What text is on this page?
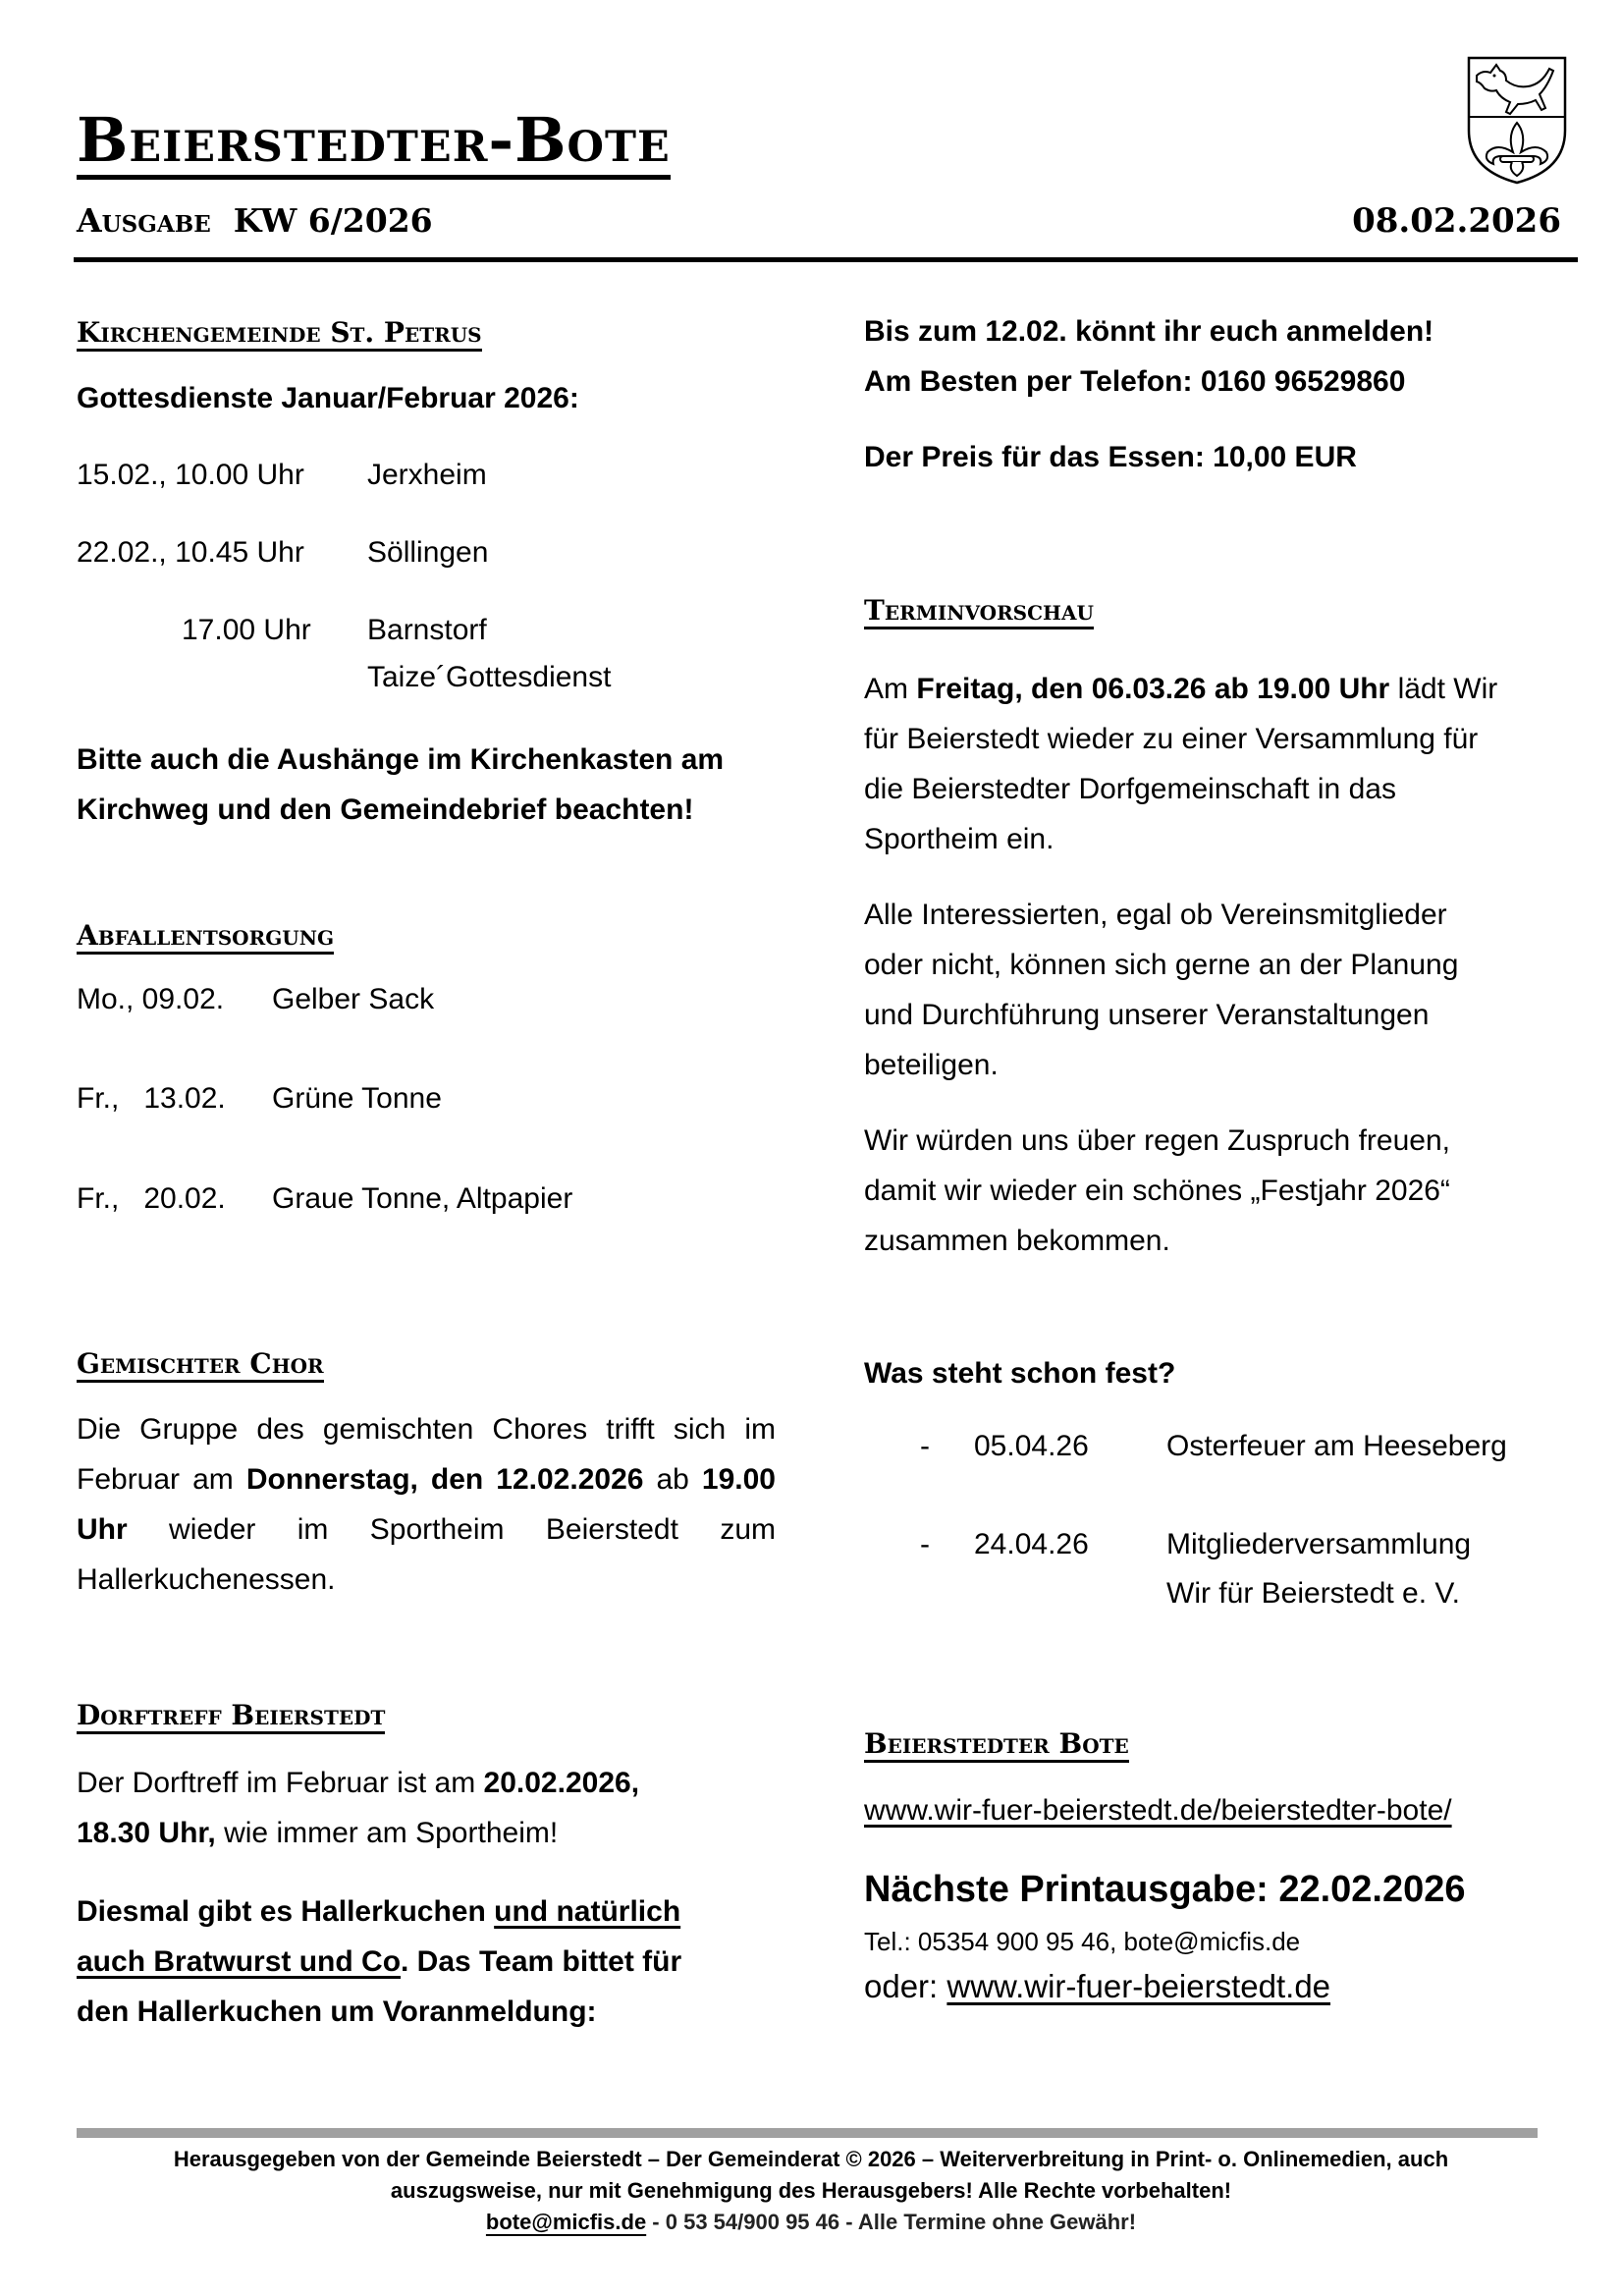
Beierstedter-Bote
Ausgabe KW 6/2026	08.02.2026
Kirchengemeinde St. Petrus
Gottesdienste Januar/Februar 2026:
15.02., 10.00 Uhr Jerxheim
22.02., 10.45 Uhr Söllingen
17.00 Uhr Barnstorf
Taize´Gottesdienst
Bitte auch die Aushänge im Kirchenkasten am
Kirchweg und den Gemeindebrief beachten!
Abfallentsorgung
Mo., 09.02. Gelber Sack
Fr.,   13.02. Grüne Tonne
Fr.,   20.02. Graue Tonne, Altpapier
Gemischter Chor
Die Gruppe des gemischten Chores trifft sich im Februar am Donnerstag, den 12.02.2026 ab 19.00 Uhr wieder im Sportheim Beierstedt zum Hallerkuchenessen.
Dorftreff Beierstedt
Der Dorftreff im Februar ist am 20.02.2026,
18.30 Uhr, wie immer am Sportheim!
Diesmal gibt es Hallerkuchen und natürlich
auch Bratwurst und Co. Das Team bittet für
den Hallerkuchen um Voranmeldung:
Bis zum 12.02. könnt ihr euch anmelden!
Am Besten per Telefon: 0160 96529860
Der Preis für das Essen: 10,00 EUR
Terminvorschau
Am Freitag, den 06.03.26 ab 19.00 Uhr lädt Wir
für Beierstedt wieder zu einer Versammlung für
die Beierstedter Dorfgemeinschaft in das
Sportheim ein.
Alle Interessierten, egal ob Vereinsmitglieder
oder nicht, können sich gerne an der Planung
und Durchführung unserer Veranstaltungen
beteiligen.
Wir würden uns über regen Zuspruch freuen,
damit wir wieder ein schönes „Festjahr 2026“
zusammen bekommen.
Was steht schon fest?
- 05.04.26	Osterfeuer am Heeseberg
- 24.04.26	Mitgliederversammlung
Wir für Beierstedt e. V.
Beierstedter Bote
www.wir-fuer-beierstedt.de/beierstedter-bote/
Nächste Printausgabe: 22.02.2026
Tel.: 05354 900 95 46, bote@micfis.de
oder: www.wir-fuer-beierstedt.de
Herausgegeben von der Gemeinde Beierstedt – Der Gemeinderat © 2026 – Weiterverbreitung in Print- o. Onlinemedien, auch
auszugsweise, nur mit Genehmigung des Herausgebers! Alle Rechte vorbehalten!
bote@micfis.de - 0 53 54/900 95 46 - Alle Termine ohne Gewähr!
